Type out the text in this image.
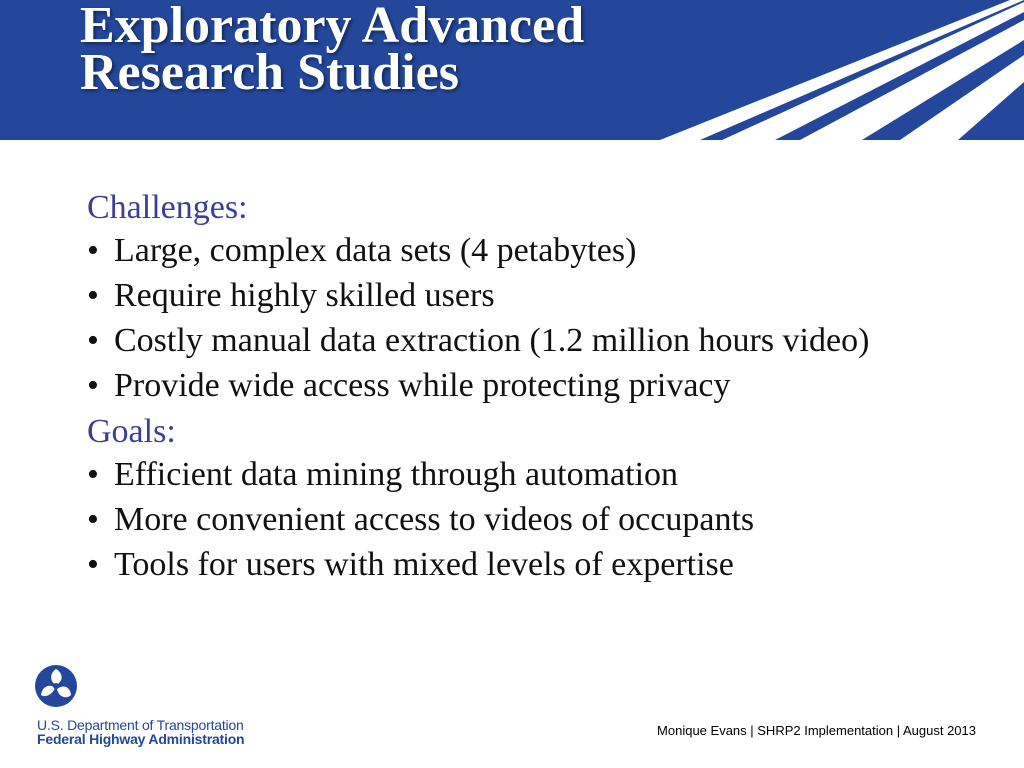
Exploratory Advanced
Research Studies

Challenges:

• Large, complex data sets (4 petabytes)
• Require highly skilled users
• Costly manual data extraction (1.2 million hours video)
• Provide wide access while protecting privacy

Goals:

• Efficient data mining through automation
• More convenient access to videos of occupants
• Tools for users with mixed levels of expertise
U.S. Department of Transportation
Federal Highway Administration
Monique Evans | SHRP2 Implementation | August 2013
